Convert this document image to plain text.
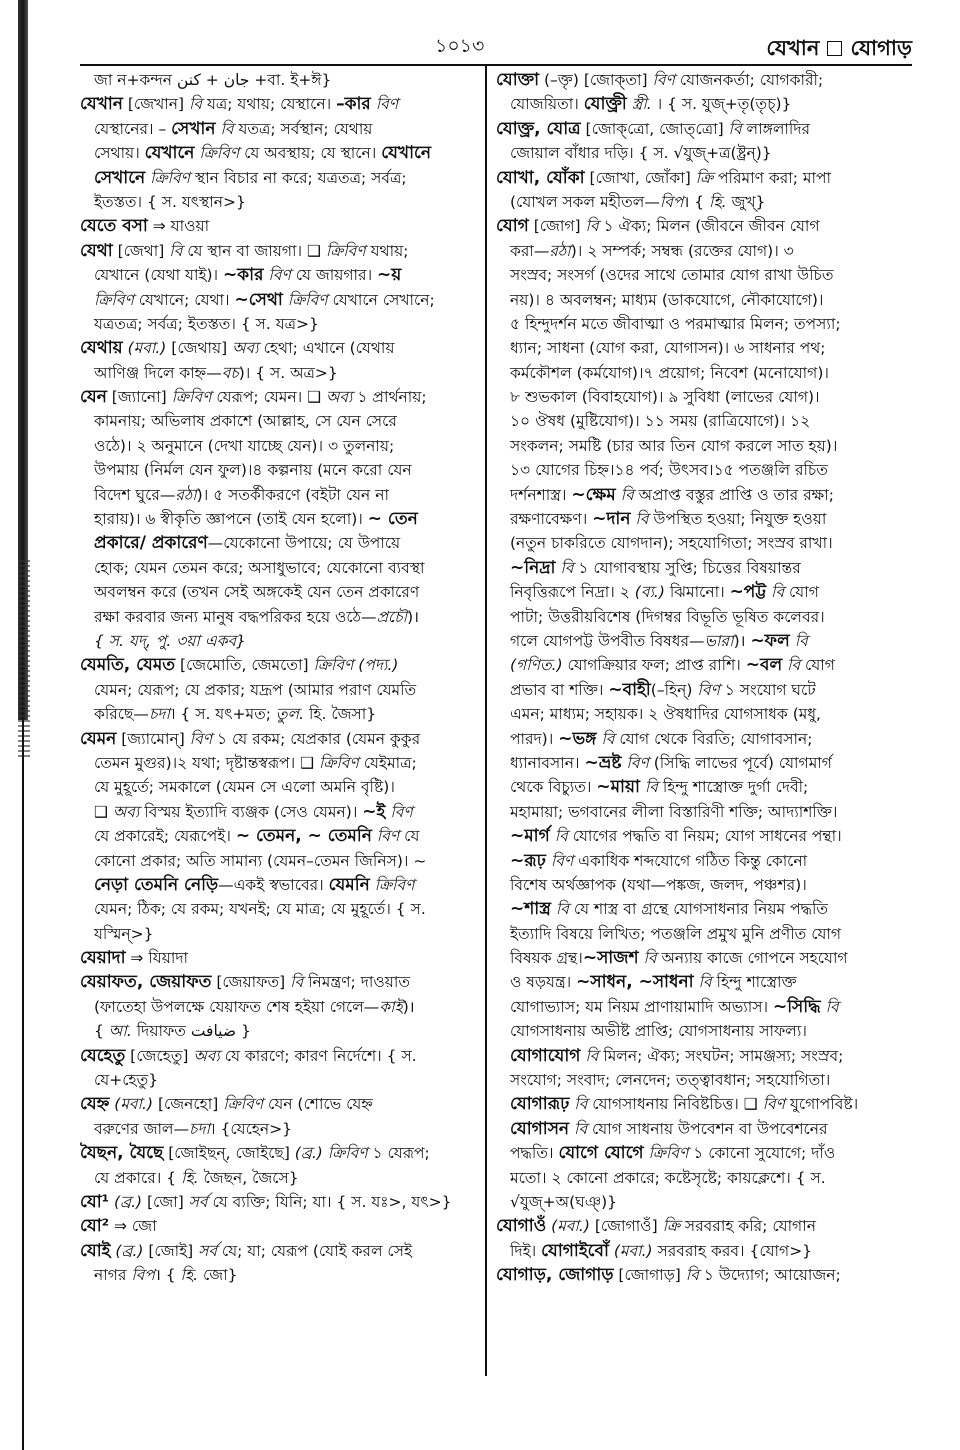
১০১৩	যেখান যোগাড়
জা ন+কন্দন جان + كنن +বা. ই+ঈ}
যেখান [জেখান] বি যত্র; যথায়; যেস্থানে। –কার বিণ
যেস্থানের। – সেখান বি যতত্র; সর্বস্থান; যেথায়
সেথায়। যেখানে ক্রিবিণ যে অবস্থায়; যে স্থানে। যেখানে
সেখানে ক্রিবিণ স্থান বিচার না করে; যত্রতত্র; সর্বত্র;
ইতস্তত। { স. যৎস্থান>}
যেতে বসা ⇒ যাওয়া
যেথা [জেথা] বি যে স্থান বা জায়গা। ❑ ক্রিবিণ যথায়;
যেখানে (যেথা যাই)। ~কার বিণ যে জায়গার। ~য়
ক্রিবিণ যেখানে; যেথা। ~সেথা ক্রিবিণ যেখানে সেখানে;
যত্রতত্র; সর্বত্র; ইতস্তত। { স. যত্র>}
যেথায় (মবা.) [জেথায়] অব্য হেথা; এখানে (যেথায়
আণিঞ্জ দিলে কাহ্ন—বচ)। { স. অত্র>}
যেন [জ্যানো] ক্রিবিণ যেরূপ; যেমন। ❑ অব্য ১ প্রার্থনায়;
কামনায়; অভিলাষ প্রকাশে (আল্লাহ, সে যেন সেরে
ওঠে)। ২ অনুমানে (দেখা যাচ্ছে যেন)। ৩ তুলনায়;
উপমায় (নির্মল যেন ফুল)।৪ কল্পনায় (মনে করো যেন
বিদেশ ঘুরে—রঠা)। ৫ সতর্কীকরণে (বইটা যেন না
হারায়)। ৬ স্বীকৃতি জ্ঞাপনে (তাই যেন হলো)। ~ তেন
প্রকারে/ প্রকারেণ—যেকোনো উপায়ে; যে উপায়ে
হোক; যেমন তেমন করে; অসাধুভাবে; যেকোনো ব্যবস্থা
অবলম্বন করে (তখন সেই অঙ্গকেই যেন তেন প্রকারেণ
রক্ষা করবার জন্য মানুষ বদ্ধপরিকর হয়ে ওঠে—প্রচৌ)।
{ স. যদ্, পু. ৩য়া একব}
যেমতি, যেমত [জেমোতি, জেমতো] ক্রিবিণ (পদ্য.)
যেমন; যেরূপ; যে প্রকার; যদ্রূপ (আমার পরাণ যেমতি
করিছে—চদা। { স. যৎ+মত; তুল. হি. জৈসা}
যেমন [জ্যামোন্] বিণ ১ যে রকম; যেপ্রকার (যেমন কুকুর
তেমন মুগুর)।২ যথা; দৃষ্টান্তস্বরূপ। ❑ ক্রিবিণ যেইমাত্র;
যে মুহূর্তে; সমকালে (যেমন সে এলো অমনি বৃষ্টি)।
❑ অব্য বিস্ময় ইত্যাদি ব্যঞ্জক (সেও যেমন)। ~ই বিণ
যে প্রকারেই; যেরূপেই। ~ তেমন, ~ তেমনি বিণ যে
কোনো প্রকার; অতি সামান্য (যেমন–তেমন জিনিস)। ~
নেড়া তেমনি নেড়ি—একই স্বভাবের। যেমনি ক্রিবিণ
যেমন; ঠিক; যে রকম; যখনই; যে মাত্র; যে মুহূর্তে। { স.
যস্মিন্>}
যেয়াদা ⇒ যিয়াদা
যেয়াফত, জেয়াফত [জেয়াফত] বি নিমন্ত্রণ; দাওয়াত
(ফাতেহা উপলক্ষে যেয়াফত শেষ হইয়া গেলে—কাই)।
{ আ. দিয়াফত ضيافت }
যেহেতু [জেহেতু] অব্য যে কারণে; কারণ নির্দেশে। { স.
যে+হেতু}
যেহ্ন (মবা.) [জেনহো] ক্রিবিণ যেন (শোভে যেহ্ন
বরুণের জাল—চদা। {যেহেন>}
যৈছন, যৈছে [জোইছন্, জোইছে] (ব্র.) ক্রিবিণ ১ যেরূপ;
যে প্রকারে। { হি. জৈছন, জৈসে}
যো¹ (ব্র.) [জো] সর্ব যে ব্যক্তি; যিনি; যা। { স. যঃ>, যৎ>}
যো² ⇒ জো
যোই (ব্র.) [জোই] সর্ব যে; যা; যেরূপ (যোই করল সেই
নাগর বিপ। { হি. জো}
যোক্তা (–ক্তৃ) [জোক্‌তা] বিণ যোজনকর্তা; যোগকারী;
যোজয়িতা। যোক্ত্রী স্ত্রী. । { স. যুজ্+তৃ(তৃচ্)}
যোক্ত্র, যোত্র [জোক্‌ত্রো, জোত্‌ত্রো] বি লাঙ্গলাদির
জোয়াল বাঁধার দড়ি। { স. √যুজ্+ত্র(ষ্ট্রন্)}
যোখা, যোঁকা [জোখা, জোঁকা] ক্রি পরিমাণ করা; মাপা
(যোখল সকল মহীতল—বিপ। { হি. জুখ্}
যোগ [জোগ] বি ১ ঐক্য; মিলন (জীবনে জীবন যোগ
করা—রঠা)। ২ সম্পর্ক; সম্বন্ধ (রক্তের যোগ)। ৩
সংস্রব; সংসর্গ (ওদের সাথে তোমার যোগ রাখা উচিত
নয়)। ৪ অবলম্বন; মাধ্যম (ডাকযোগে, নৌকাযোগে)।
৫ হিন্দুদর্শন মতে জীবাত্মা ও পরমাত্মার মিলন; তপস্যা;
ধ্যান; সাধনা (যোগ করা, যোগাসন)। ৬ সাধনার পথ;
কর্মকৌশল (কর্মযোগ)।৭ প্রয়োগ; নিবেশ (মনোযোগ)।
৮ শুভকাল (বিবাহযোগ)। ৯ সুবিধা (লাভের যোগ)।
১০ ঔষধ (মুষ্টিযোগ)। ১১ সময় (রাত্রিযোগে)। ১২
সংকলন; সমষ্টি (চার আর তিন যোগ করলে সাত হয়)।
১৩ যোগের চিহ্ন।১৪ পর্ব; উৎসব।১৫ পতঞ্জলি রচিত
দর্শনশাস্ত্র। ~ক্ষেম বি অপ্রাপ্ত বস্তুর প্রাপ্তি ও তার রক্ষা;
রক্ষণাবেক্ষণ। ~দান বি উপস্থিত হওয়া; নিযুক্ত হওয়া
(নতুন চাকরিতে যোগদান); সহযোগিতা; সংস্রব রাখা।
~নিদ্রা বি ১ যোগাবস্থায় সুপ্তি; চিত্তের বিষয়ান্তর
নিবৃত্তিরূপে নিদ্রা। ২ (ব্য.) ঝিমানো। ~পট্ট বি যোগ
পাটা; উত্তরীয়বিশেষ (দিগম্বর বিভূতি ভূষিত কলেবর।
গলে যোগপট্ট উপবীত বিষধর—ভারা)। ~ফল বি
(গণিত.) যোগক্রিয়ার ফল; প্রাপ্ত রাশি। ~বল বি যোগ
প্রভাব বা শক্তি। ~বাহী(–হিন্) বিণ ১ সংযোগ ঘটে
এমন; মাধ্যম; সহায়ক। ২ ঔষধাদির যোগসাধক (মধু,
পারদ)। ~ভঙ্গ বি যোগ থেকে বিরতি; যোগাবসান;
ধ্যানাবসান। ~ভ্রষ্ট বিণ (সিদ্ধি লাভের পূর্বে) যোগমার্গ
থেকে বিচ্যুত। ~মায়া বি হিন্দু শাস্ত্রোক্ত দুর্গা দেবী;
মহামায়া; ভগবানের লীলা বিস্তারিণী শক্তি; আদ্যাশক্তি।
~মার্গ বি যোগের পদ্ধতি বা নিয়ম; যোগ সাধনের পন্থা।
~রূঢ় বিণ একাধিক শব্দযোগে গঠিত কিন্তু কোনো
বিশেষ অর্থজ্ঞাপক (যথা—পঙ্কজ, জলদ, পঞ্চশর)।
~শাস্ত্র বি যে শাস্ত্র বা গ্রন্থে যোগসাধনার নিয়ম পদ্ধতি
ইত্যাদি বিষয়ে লিখিত; পতঞ্জলি প্রমুখ মুনি প্রণীত যোগ
বিষয়ক গ্রন্থ।~সাজশ বি অন্যায় কাজে গোপনে সহযোগ
ও ষড়যন্ত্র। ~সাধন, ~সাধনা বি হিন্দু শাস্ত্রোক্ত
যোগাভ্যাস; যম নিয়ম প্রাণায়ামাদি অভ্যাস। ~সিদ্ধি বি
যোগসাধনায় অভীষ্ট প্রাপ্তি; যোগসাধনায় সাফল্য।
যোগাযোগ বি মিলন; ঐক্য; সংঘটন; সামঞ্জস্য; সংস্রব;
সংযোগ; সংবাদ; লেনদেন; তত্ত্বাবধান; সহযোগিতা।
যোগারূঢ় বি যোগসাধনায় নিবিষ্টচিত্ত। ❑ বিণ যুগোপবিষ্ট।
যোগাসন বি যোগ সাধনায় উপবেশন বা উপবেশনের
পদ্ধতি। যোগে যোগে ক্রিবিণ ১ কোনো সুযোগে; দাঁও
মতো। ২ কোনো প্রকারে; কষ্টেসৃষ্টে; কায়ক্লেশে। { স.
√যুজ্+অ(ঘঞ্)}
যোগাওঁ (মবা.) [জোগাওঁ] ক্রি সরবরাহ করি; যোগান
দিই। যোগাইবোঁ (মবা.) সরবরাহ করব। {যোগ>}
যোগাড়, জোগাড় [জোগাড়] বি ১ উদ্যোগ; আয়োজন;
